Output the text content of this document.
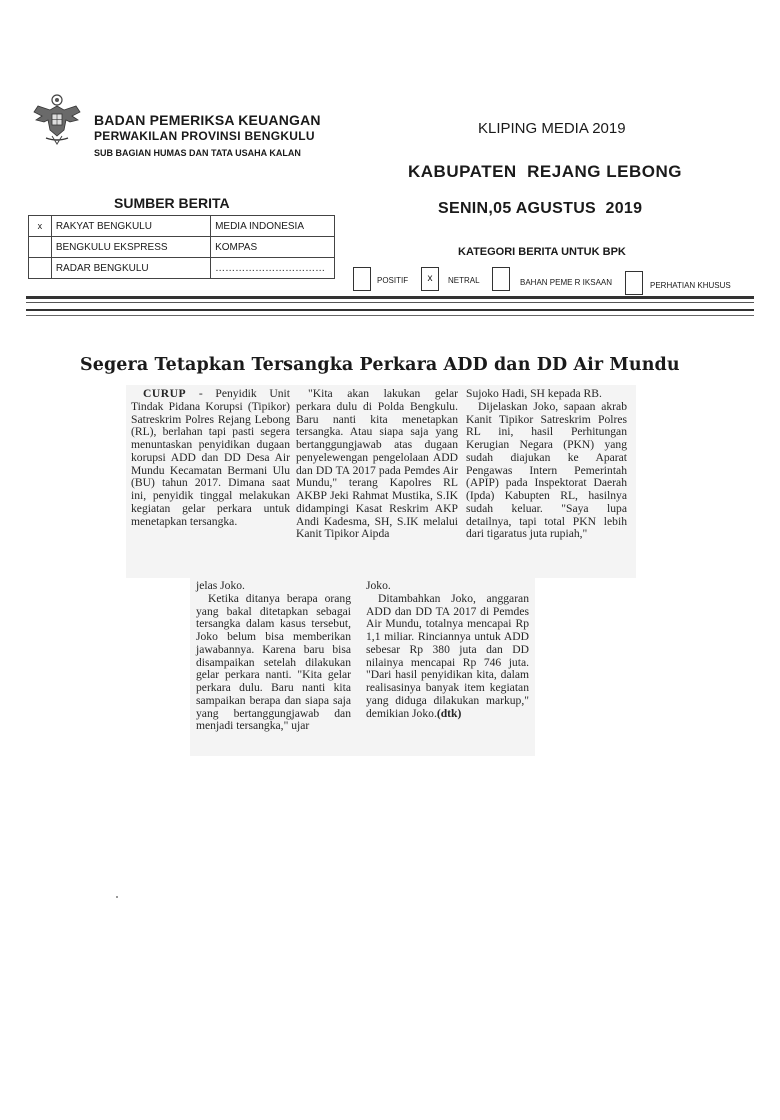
BADAN PEMERIKSA KEUANGAN
PERWAKILAN PROVINSI BENGKULU
SUB BAGIAN HUMAS DAN TATA USAHA KALAN
KLIPING MEDIA 2019
KABUPATEN  REJANG LEBONG
SENIN,05 AGUSTUS  2019
SUMBER BERITA
x	RAKYAT BENGKULU	MEDIA INDONESIA
	BENGKULU EKSPRESS	KOMPAS
	RADAR BENGKULU	……………………………
KATEGORI BERITA UNTUK BPK
POSITIF	x	NETRAL	BAHAN PEME R IKSAAN	PERHATIAN KHUSUS
Segera Tetapkan Tersangka Perkara ADD dan DD Air Mundu

CURUP - Penyidik Unit Tindak Pidana Korupsi (Tipikor) Satreskrim Polres Rejang Lebong (RL), berlahan tapi pasti segera menuntaskan penyidikan dugaan korupsi ADD dan DD Desa Air Mundu Kecamatan Bermani Ulu (BU) tahun 2017. Dimana saat ini, penyidik tinggal melakukan kegiatan gelar perkara untuk menetapkan tersangka.

"Kita akan lakukan gelar perkara dulu di Polda Bengkulu. Baru nanti kita menetapkan tersangka. Atau siapa saja yang bertanggungjawab atas dugaan penyelewengan pengelolaan ADD dan DD TA 2017 pada Pemdes Air Mundu," terang Kapolres RL AKBP Jeki Rahmat Mustika, S.IK didampingi Kasat Reskrim AKP Andi Kadesma, SH, S.IK melalui Kanit Tipikor Aipda

Sujoko Hadi, SH kepada RB.

Dijelaskan Joko, sapaan akrab Kanit Tipikor Satreskrim Polres RL ini, hasil Perhitungan Kerugian Negara (PKN) yang sudah diajukan ke Aparat Pengawas Intern Pemerintah (APIP) pada Inspektorat Daerah (Ipda) Kabupten RL, hasilnya sudah keluar. "Saya lupa detailnya, tapi total PKN lebih dari tigaratus juta rupiah,"

jelas Joko.

Ketika ditanya berapa orang yang bakal ditetapkan sebagai tersangka dalam kasus tersebut, Joko belum bisa memberikan jawabannya. Karena baru bisa disampaikan setelah dilakukan gelar perkara nanti. "Kita gelar perkara dulu. Baru nanti kita sampaikan berapa dan siapa saja yang bertanggungjawab dan menjadi tersangka," ujar

Joko.

Ditambahkan Joko, anggaran ADD dan DD TA 2017 di Pemdes Air Mundu, totalnya mencapai Rp 1,1 miliar. Rinciannya untuk ADD sebesar Rp 380 juta dan DD nilainya mencapai Rp 746 juta. "Dari hasil penyidikan kita, dalam realisasinya banyak item kegiatan yang diduga dilakukan markup," demikian Joko.(dtk)
